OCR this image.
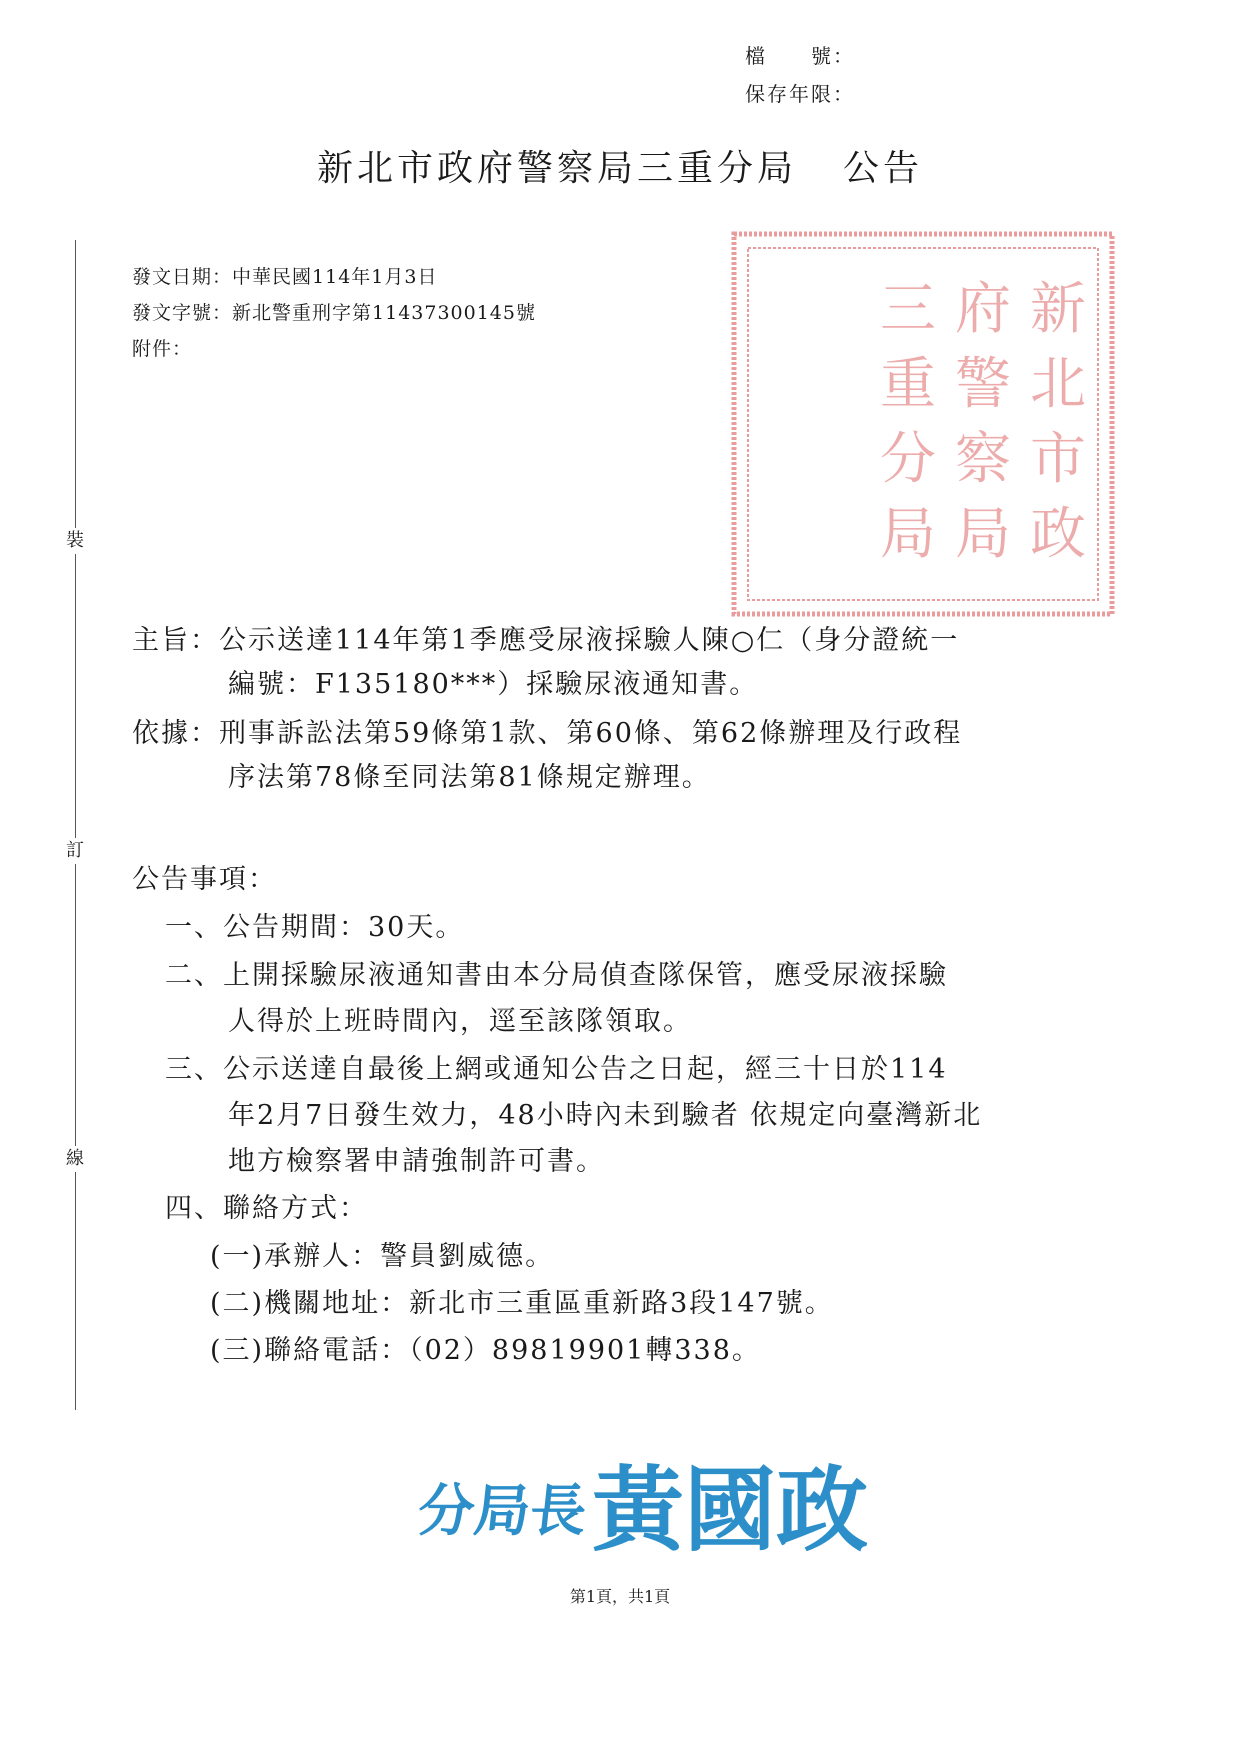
檔　　號：
保存年限：
新北市政府警察局三重分局 公告
裝
訂
線
發文日期：中華民國114年1月3日
發文字號：新北警重刑字第11437300145號
附件：
新
北
市
政
府
警
察
局
三
重
分
局
主旨：公示送達114年第1季應受尿液採驗人陳○仁（身分證統一
編號：F135180***）採驗尿液通知書。
依據：刑事訴訟法第59條第1款、第60條、第62條辦理及行政程
序法第78條至同法第81條規定辦理。
公告事項：
一、公告期間：30天。
二、上開採驗尿液通知書由本分局偵查隊保管，應受尿液採驗
人得於上班時間內，逕至該隊領取。
三、公示送達自最後上網或通知公告之日起，經三十日於114
年2月7日發生效力，48小時內未到驗者 依規定向臺灣新北
地方檢察署申請強制許可書。
四、聯絡方式：
(一)承辦人：警員劉威德。
(二)機關地址：新北市三重區重新路3段147號。
(三)聯絡電話：（02）89819901轉338。
分局長 黃國政
第1頁，共1頁
